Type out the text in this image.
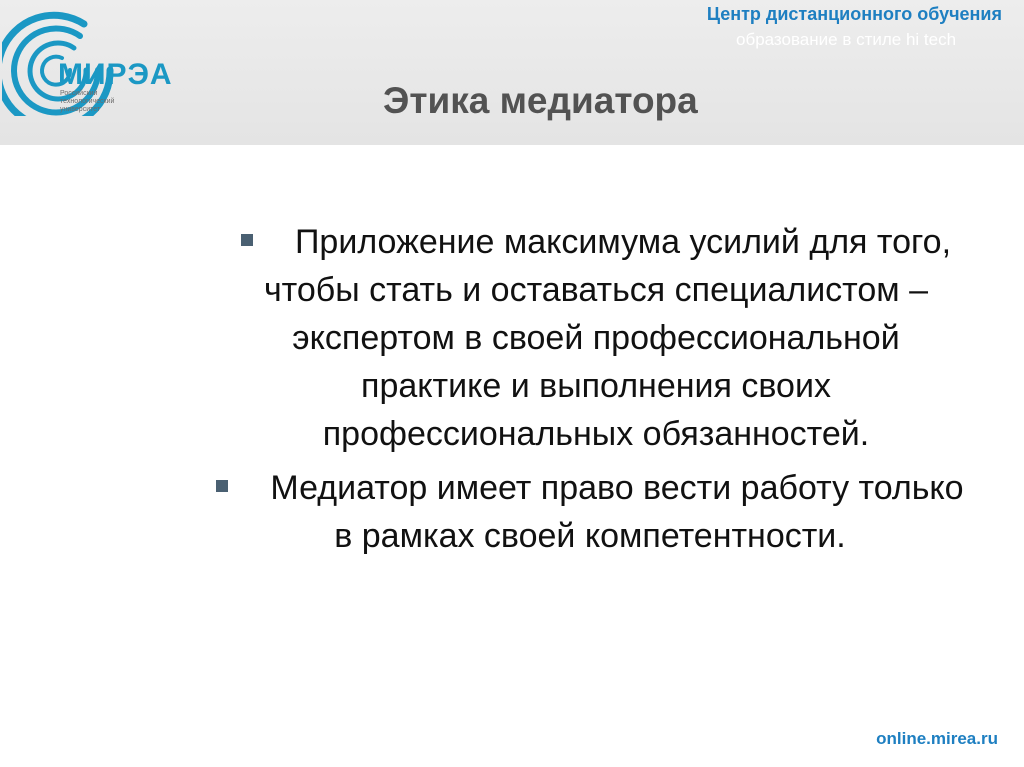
МИРЭА
Российский технологический университет
Центр дистанционного обучения
образование в стиле hi tech
Этика медиатора

Приложение максимума усилий для того, чтобы стать и оставаться специалистом – экспертом в своей профессиональной практике и выполнения своих профессиональных обязанностей.

Медиатор имеет право вести работу только в рамках своей компетентности.

online.mirea.ru
